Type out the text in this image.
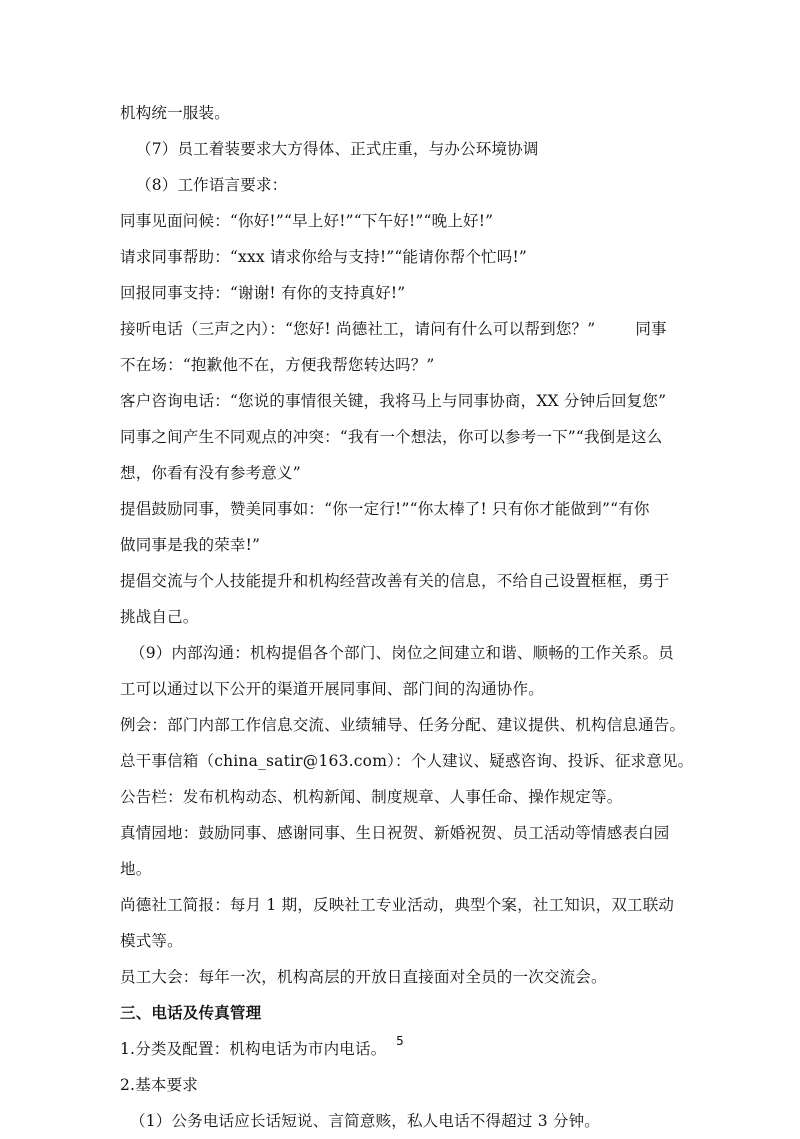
机构统一服装。
（7）员工着装要求大方得体、正式庄重，与办公环境协调
（8）工作语言要求：
同事见面问候：“你好!”“早上好!”“下午好!”“晚上好!”
请求同事帮助：“xxx 请求你给与支持!”“能请你帮个忙吗!”
回报同事支持：“谢谢! 有你的支持真好!”
接听电话（三声之内）：“您好! 尚德社工，请问有什么可以帮到您？”	同事
不在场：“抱歉他不在，方便我帮您转达吗？”
客户咨询电话：“您说的事情很关键，我将马上与同事协商，XX 分钟后回复您”
同事之间产生不同观点的冲突：“我有一个想法，你可以参考一下”“我倒是这么
想，你看有没有参考意义”
提倡鼓励同事，赞美同事如：“你一定行!”“你太棒了! 只有你才能做到”“有你
做同事是我的荣幸!”
提倡交流与个人技能提升和机构经营改善有关的信息，不给自己设置框框，勇于
挑战自己。
（9）内部沟通：机构提倡各个部门、岗位之间建立和谐、顺畅的工作关系。员
工可以通过以下公开的渠道开展同事间、部门间的沟通协作。
例会：部门内部工作信息交流、业绩辅导、任务分配、建议提供、机构信息通告。
总干事信箱（china_satir@163.com）：个人建议、疑惑咨询、投诉、征求意见。
公告栏：发布机构动态、机构新闻、制度规章、人事任命、操作规定等。
真情园地：鼓励同事、感谢同事、生日祝贺、新婚祝贺、员工活动等情感表白园
地。
尚德社工简报：每月 1 期，反映社工专业活动，典型个案，社工知识，双工联动
模式等。
员工大会：每年一次，机构高层的开放日直接面对全员的一次交流会。
三、电话及传真管理
1.分类及配置：机构电话为市内电话。
2.基本要求
（1）公务电话应长话短说、言简意赅，私人电话不得超过 3 分钟。
5
